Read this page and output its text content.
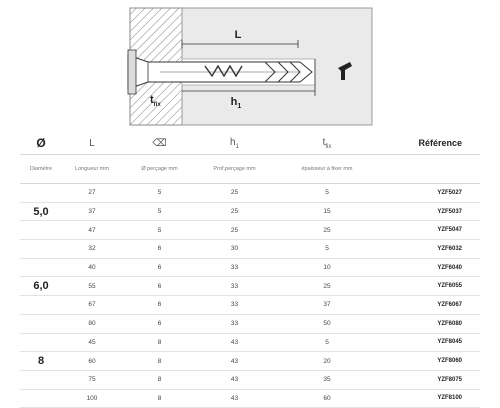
L
$h_1$
$t_{fix}$
Ø	L	⌫	$h_1$	$t_{fix}$	Référence
Diamètre	Longueur mm	Ø perçage mm	Prof.perçage mm	épaisseur à fixer mm	
	27	5	25	5	YZF5027
5,0	37	5	25	15	YZF5037
	47	5	25	25	YZF5047
	32	6	30	5	YZF6032
	40	6	33	10	YZF6040
6,0	55	6	33	25	YZF6055
	67	6	33	37	YZF6067
	80	6	33	50	YZF6080
	45	8	43	5	YZF8045
8	60	8	43	20	YZF8060
	75	8	43	35	YZF8075
	100	8	43	60	YZF8100
